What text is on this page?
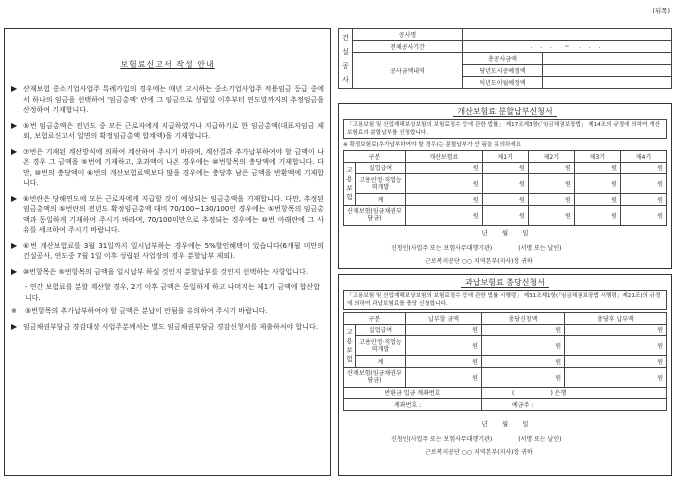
(뒤쪽)
보험료신고서 작성 안내
▶ 산재보험 중소기업사업주 특례가입의 경우에는 매년 고시하는 중소기업사업주 적용임금 등급 중에서 하나의 임금을 선택하여 '임금총액' 란에 그 임금으로 성립일 이후부터 연도말까지의 추정임금을 산정하여 기재합니다.
▶ ⑤번 임금총액은 전년도 중 모든 근로자에게 지급하였거나 지급하기로 한 임금총액(대표자임금 제외, 보험료신고서 일면의 확정임금총액 합계액)을 기재합니다.
▶ ⑦번은 기재된 계산방식에 의하여 계산하여 주시기 바라며, 계산결과 추가납부하여야 할 금액이 나온 경우 그 금액을 ⑤번에 기재하고, 초과액이 나온 경우에는 ⑩번항목의 충당액에 기재합니다. 다만, ⑩번의 충당액이 ⑥번의 개산보험료액보다 많을 경우에는 충당후 남은 금액을 반환액에 기재합니다.
▶ ⑥번란은 당해연도에 모든 근로자에게 지급할 것이 예상되는 임금총액을 기재합니다. 다만, 추정된 임금총액의 ⑤번란의 전년도 확정임금총액 대비 70/100~130/100인 경우에는 ⑤번항목의 임금총액과 동일하게 기재하여 주시기 바라며, 70/100미만으로 추정되는 경우에는 ⑩번 아래란에 그 사유를 세크하여 주시기 바랍니다.
▶ ⑥번 개산보험료를 3월 31일까지 일시납부하는 경우에는 5%할인혜택이 있습니다(6개월 미만의 건설공사, 연도중 7월 1일 이후 성립된 사업장의 경우 분할납부 제외).
▶ ⑩번항목은 ⑤번항목의 금액을 일시납부 하실 것인지 분할납부를 것인지 선택하는 사항입니다.
- 연간 보험료를 분할 계산할 경우, 2기 이후 금액은 동일하게 하고 나머지는 제1기 금액에 합산합니다.
※	⑤번항목의 추가납부하여야 할 금액은 분납이 안됨을 유의하여 주시기 바랍니다.
▶ 임금채권부담금 경감대상 사업주분께서는 별도 임금채권부담금 경감신청서를 제출하셔야 합니다.
건
설
공
사	공사명		
	전체공사기간	. . . ~ . . .	
	공사금액내역	총공사금액	
		당년도시공예정액	
		익년도이월예정액	
개산보험료 분할납부신청서
「고용보험 및 산업재해보상보험의 보험료징수 등에 관한 법률」 제17조제3항(「임금채권보장법」 제14조의 규정에 의하여 개산보험료의 분할납부를 신청합니다.
※ 확정보험료(추가납부하여야 할 경우)는 분할납부가 안 됨을 유의하세요
구분		개산보험료	제1기	제2기	제3기	제4기
고
용
보
험	실업급여	원	원	원	원	원
	고용안정·직업능력개발	원	원	원	원	원
	계	원	원	원	원	원
산재보험(임금채권부담금)		원	원	원	원	원
년 월 일
신청인(사업주 또는 보험사무대행기관)	(서명 또는 날인)
근로복지공단 ○○ 지역본부(지사)장 귀하
과납보험료 충당신청서
「고용보험 및 산업재해보상보험의 보험료징수 등에 관한 법률 시행령」 제31조제1항(「임금채권보장법 시행령」제21조)의 규정에 의하여 과납보험료를 충당 신청합니다.
구분		납부할 금액	충당신청액	충당후 납부액
고
용
보
험	실업급여	원	원	원
	고용안정·직업능력개발	원	원	원
	계	원	원	원
산재보험(임금채권부담금)		원	원	원
반환금 입금 계좌번호			(                   ) 은행	
계좌번호 :			예금주 :	
년 월 일
신청인(사업주 또는 보험사무대행기관)	(서명 또는 날인)
근로복지공단 ○○ 지역본부(지사)장 귀하
